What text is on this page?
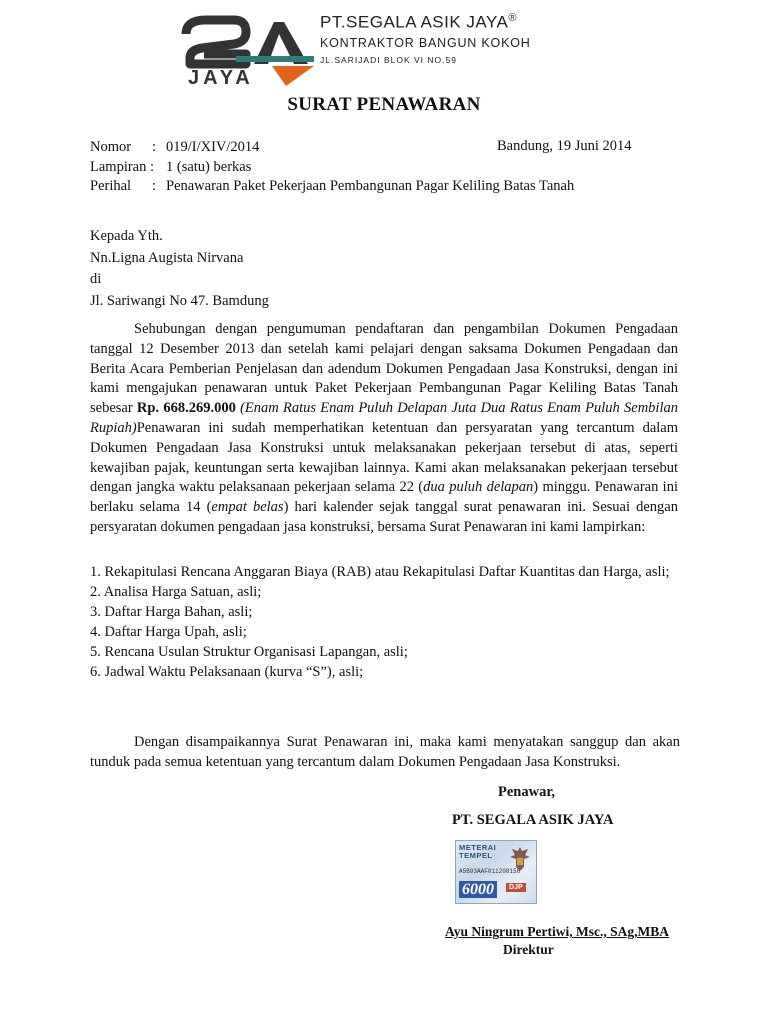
JAYA
PT.SEGALA ASIK JAYA®
KONTRAKTOR BANGUN KOKOH
JL.SARIJADI BLOK VI NO.59
SURAT PENAWARAN
Nomor	: 019/I/XIV/2014
Lampiran : 1 (satu) berkas
Perihal	: Penawaran Paket Pekerjaan Pembangunan Pagar Keliling Batas Tanah
Bandung, 19 Juni 2014
Kepada Yth.
Nn.Ligna Augista Nirvana
di
Jl. Sariwangi No 47. Bamdung

Sehubungan dengan pengumuman pendaftaran dan pengambilan Dokumen Pengadaan tanggal 12 Desember 2013 dan setelah kami pelajari dengan saksama Dokumen Pengadaan dan Berita Acara Pemberian Penjelasan dan adendum Dokumen Pengadaan Jasa Konstruksi, dengan ini kami mengajukan penawaran untuk Paket Pekerjaan Pembangunan Pagar Keliling Batas Tanah sebesar Rp. 668.269.000 (Enam Ratus Enam Puluh Delapan Juta Dua Ratus Enam Puluh Sembilan Rupiah)Penawaran ini sudah memperhatikan ketentuan dan persyaratan yang tercantum dalam Dokumen Pengadaan Jasa Konstruksi untuk melaksanakan pekerjaan tersebut di atas, seperti kewajiban pajak, keuntungan serta kewajiban lainnya. Kami akan melaksanakan pekerjaan tersebut dengan jangka waktu pelaksanaan pekerjaan selama 22 (dua puluh delapan) minggu. Penawaran ini berlaku selama 14 (empat belas) hari kalender sejak tanggal surat penawaran ini. Sesuai dengan persyaratan dokumen pengadaan jasa konstruksi, bersama Surat Penawaran ini kami lampirkan:

1. Rekapitulasi Rencana Anggaran Biaya (RAB) atau Rekapitulasi Daftar Kuantitas dan Harga, asli;
2. Analisa Harga Satuan, asli;
3. Daftar Harga Bahan, asli;
4. Daftar Harga Upah, asli;
5. Rencana Usulan Struktur Organisasi Lapangan, asli;
6. Jadwal Waktu Pelaksanaan (kurva “S”), asli;

Dengan disampaikannya Surat Penawaran ini, maka kami menyatakan sanggup dan akan tunduk pada semua ketentuan yang tercantum dalam Dokumen Pengadaan Jasa Konstruksi.

Penawar,
PT. SEGALA ASIK JAYA
METERAI
TEMPEL
A5B93AAF011208156
6000	DJP
Ayu Ningrum Pertiwi, Msc., SAg,MBA
Direktur
